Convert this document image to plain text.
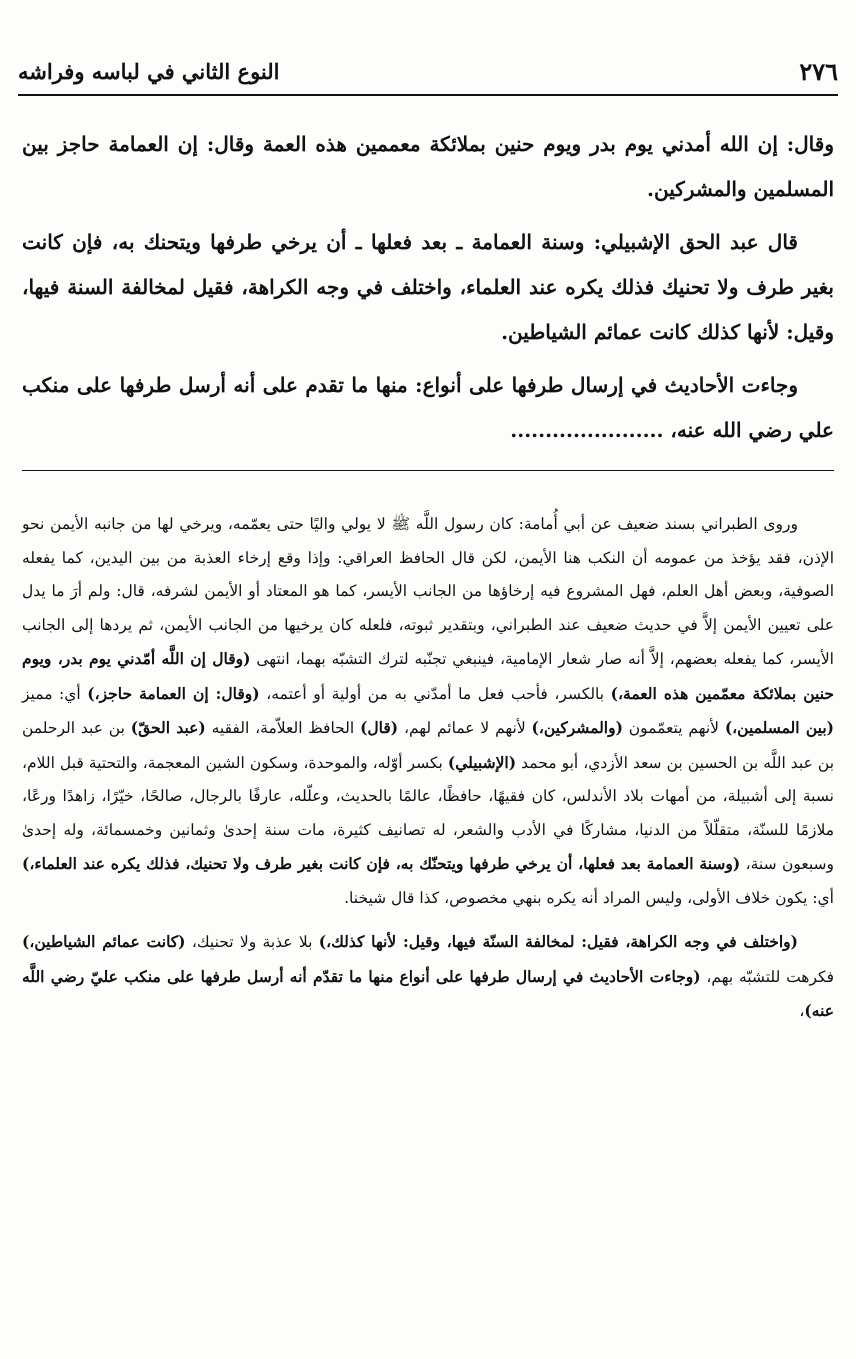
٢٧٦
النوع الثاني في لباسه وفراشه

وقال: إن الله أمدني يوم بدر ويوم حنين بملائكة معممين هذه العمة وقال: إن العمامة حاجز بين المسلمين والمشركين.

قال عبد الحق الإشبيلي: وسنة العمامة ـ بعد فعلها ـ أن يرخي طرفها ويتحنك به، فإن كانت بغير طرف ولا تحنيك فذلك يكره عند العلماء، واختلف في وجه الكراهة، فقيل لمخالفة السنة فيها، وقيل: لأنها كذلك كانت عمائم الشياطين.

وجاءت الأحاديث في إرسال طرفها على أنواع: منها ما تقدم على أنه أرسل طرفها على منكب علي رضي الله عنه، ......................

وروى الطبراني بسند ضعيف عن أبي أُمامة: كان رسول اللَّه ﷺ لا يولي واليًا حتى يعمّمه، ويرخي لها من جانبه الأيمن نحو الإذن، فقد يؤخذ من عمومه أن النكب هنا الأيمن، لكن قال الحافظ العراقي: وإذا وقع إرخاء العذبة من بين اليدين، كما يفعله الصوفية، وبعض أهل العلم، فهل المشروع فيه إرخاؤها من الجانب الأيسر، كما هو المعتاد أو الأيمن لشرفه، قال: ولم أرَ ما يدل على تعيين الأيمن إلاَّ في حديث ضعيف عند الطبراني، وبتقدير ثبوته، فلعله كان يرخيها من الجانب الأيمن، ثم يردها إلى الجانب الأيسر، كما يفعله بعضهم، إلاَّ أنه صار شعار الإمامية، فينبغي تجنّبه لترك التشبّه بهما، انتهى (وقال إن اللَّه أمّدني يوم بدر، ويوم حنين بملائكة معمّمين هذه العمة،) بالكسر، فأحب فعل ما أمدّني به من أولية أو أعتمه، (وقال: إن العمامة حاجز،) أي: مميز (بين المسلمين،) لأنهم يتعمّمون (والمشركين،) لأنهم لا عمائم لهم، (قال) الحافظ العلاّمة، الفقيه (عبد الحقّ) بن عبد الرحلمن بن عبد اللَّه بن الحسين بن سعد الأزدي، أبو محمد (الإشبيلي) بكسر أوّله، والموحدة، وسكون الشين المعجمة، والتحتية قبل اللام، نسبة إلى أشبيلة، من أمهات بلاد الأندلس، كان فقيهًا، حافظًا، عالمًا بالحديث، وعلّله، عارفًا بالرجال، صالحًا، خيّرًا، زاهدًا ورعًا، ملازمًا للسنّة، متقلّلاً من الدنيا، مشاركًا في الأدب والشعر، له تصانيف كثيرة، مات سنة إحدىٰ وثمانين وخمسمائة، وله إحدىٰ وسبعون سنة، (وسنة العمامة بعد فعلها، أن يرخي طرفها ويتحنّك به، فإن كانت بغير طرف ولا تحنيك، فذلك يكره عند العلماء،) أي: يكون خلاف الأولى، وليس المراد أنه يكره بنهي مخصوص، كذا قال شيخنا.

(واختلف في وجه الكراهة، فقيل: لمخالفة السنّة فيها، وقيل: لأنها كذلك،) بلا عذبة ولا تحنيك، (كانت عمائم الشياطين،) فكرهت للتشبّه بهم، (وجاءت الأحاديث في إرسال طرفها على أنواع منها ما تقدّم أنه أرسل طرفها على منكب عليّ رضي اللَّه عنه)،
